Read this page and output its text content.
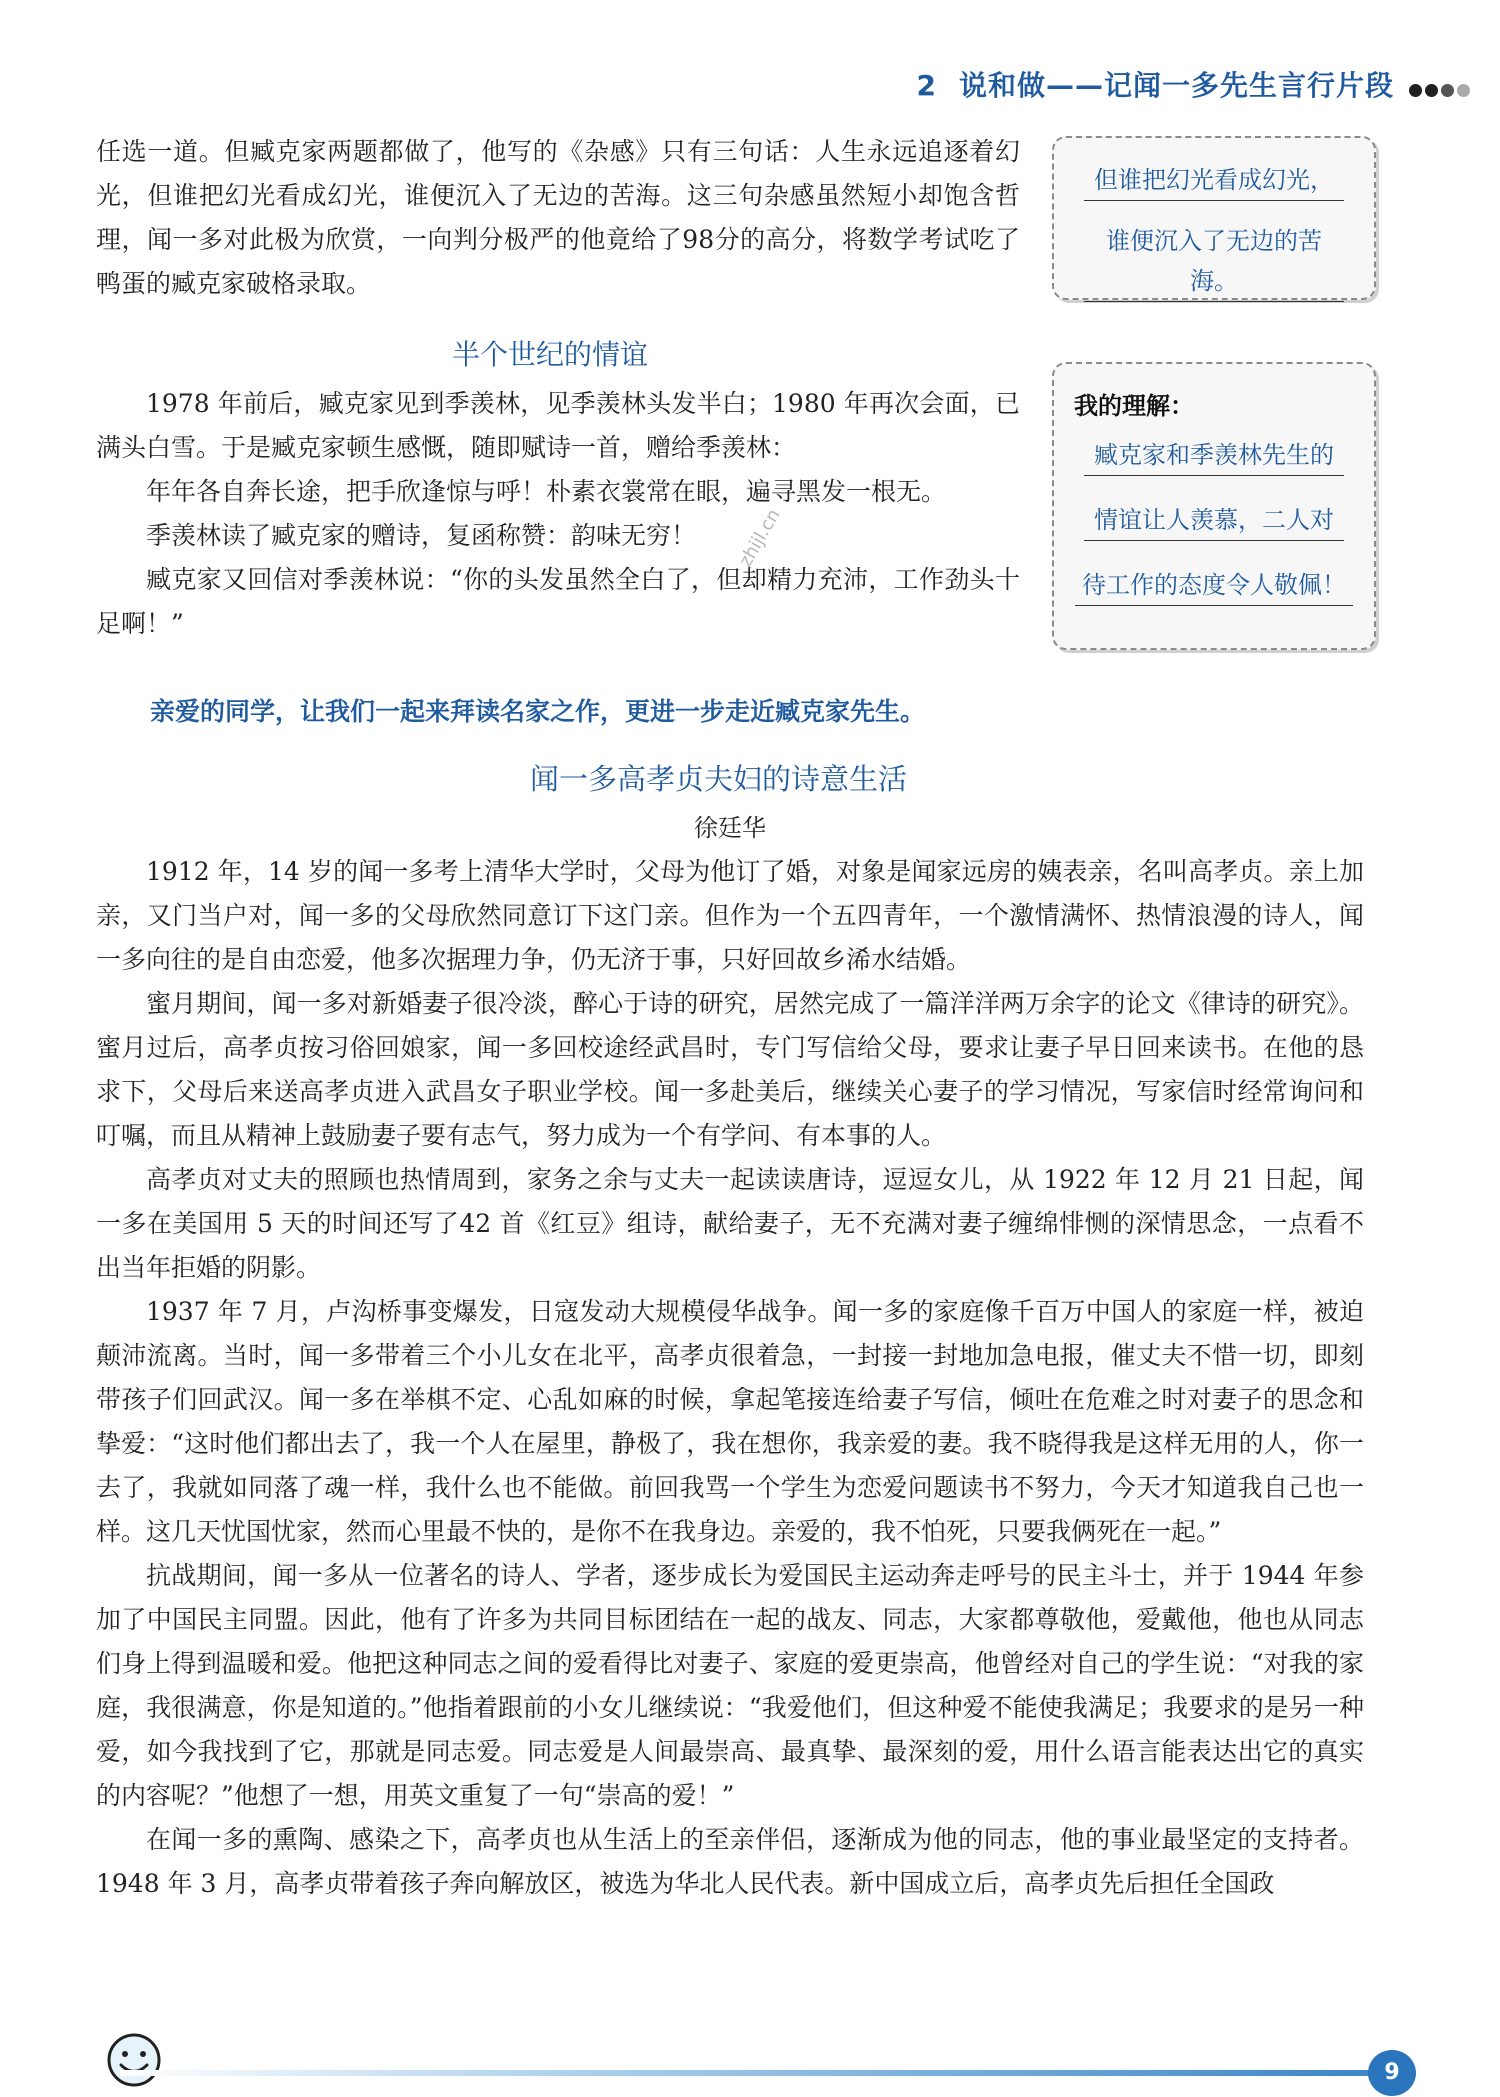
2 说和做——记闻一多先生言行片段

任选一道。但臧克家两题都做了，他写的《杂感》只有三句话：人生永远追逐着幻光，但谁把幻光看成幻光，谁便沉入了无边的苦海。这三句杂感虽然短小却饱含哲理，闻一多对此极为欣赏，一向判分极严的他竟给了98分的高分，将数学考试吃了鸭蛋的臧克家破格录取。

但谁把幻光看成幻光，
谁便沉入了无边的苦海。
半个世纪的情谊

1978 年前后，臧克家见到季羡林，见季羡林头发半白；1980 年再次会面，已满头白雪。于是臧克家顿生感慨，随即赋诗一首，赠给季羡林：

年年各自奔长途，把手欣逢惊与呼！朴素衣裳常在眼，遍寻黑发一根无。

季羡林读了臧克家的赠诗，复函称赞：韵味无穷！

臧克家又回信对季羡林说：“你的头发虽然全白了，但却精力充沛，工作劲头十足啊！”

我的理解：
臧克家和季羡林先生的
情谊让人羡慕，二人对
待工作的态度令人敬佩！
zhijl.cn
亲爱的同学，让我们一起来拜读名家之作，更进一步走近臧克家先生。
闻一多高孝贞夫妇的诗意生活
徐廷华

1912 年，14 岁的闻一多考上清华大学时，父母为他订了婚，对象是闻家远房的姨表亲，名叫高孝贞。亲上加亲，又门当户对，闻一多的父母欣然同意订下这门亲。但作为一个五四青年，一个激情满怀、热情浪漫的诗人，闻一多向往的是自由恋爱，他多次据理力争，仍无济于事，只好回故乡浠水结婚。

蜜月期间，闻一多对新婚妻子很冷淡，醉心于诗的研究，居然完成了一篇洋洋两万余字的论文《律诗的研究》。蜜月过后，高孝贞按习俗回娘家，闻一多回校途经武昌时，专门写信给父母，要求让妻子早日回来读书。在他的恳求下，父母后来送高孝贞进入武昌女子职业学校。闻一多赴美后，继续关心妻子的学习情况，写家信时经常询问和叮嘱，而且从精神上鼓励妻子要有志气，努力成为一个有学问、有本事的人。

高孝贞对丈夫的照顾也热情周到，家务之余与丈夫一起读读唐诗，逗逗女儿，从 1922 年 12 月 21 日起，闻一多在美国用 5 天的时间还写了42 首《红豆》组诗，献给妻子，无不充满对妻子缠绵悱恻的深情思念，一点看不出当年拒婚的阴影。

1937 年 7 月，卢沟桥事变爆发，日寇发动大规模侵华战争。闻一多的家庭像千百万中国人的家庭一样，被迫颠沛流离。当时，闻一多带着三个小儿女在北平，高孝贞很着急，一封接一封地加急电报，催丈夫不惜一切，即刻带孩子们回武汉。闻一多在举棋不定、心乱如麻的时候，拿起笔接连给妻子写信，倾吐在危难之时对妻子的思念和挚爱：“这时他们都出去了，我一个人在屋里，静极了，我在想你，我亲爱的妻。我不晓得我是这样无用的人，你一去了，我就如同落了魂一样，我什么也不能做。前回我骂一个学生为恋爱问题读书不努力，今天才知道我自己也一样。这几天忧国忧家，然而心里最不快的，是你不在我身边。亲爱的，我不怕死，只要我俩死在一起。”

抗战期间，闻一多从一位著名的诗人、学者，逐步成长为爱国民主运动奔走呼号的民主斗士，并于 1944 年参加了中国民主同盟。因此，他有了许多为共同目标团结在一起的战友、同志，大家都尊敬他，爱戴他，他也从同志们身上得到温暖和爱。他把这种同志之间的爱看得比对妻子、家庭的爱更崇高，他曾经对自己的学生说：“对我的家庭，我很满意，你是知道的。”他指着跟前的小女儿继续说：“我爱他们，但这种爱不能使我满足；我要求的是另一种爱，如今我找到了它，那就是同志爱。同志爱是人间最崇高、最真挚、最深刻的爱，用什么语言能表达出它的真实的内容呢？”他想了一想，用英文重复了一句“崇高的爱！”

在闻一多的熏陶、感染之下，高孝贞也从生活上的至亲伴侣，逐渐成为他的同志，他的事业最坚定的支持者。1948 年 3 月，高孝贞带着孩子奔向解放区，被选为华北人民代表。新中国成立后，高孝贞先后担任全国政

9
